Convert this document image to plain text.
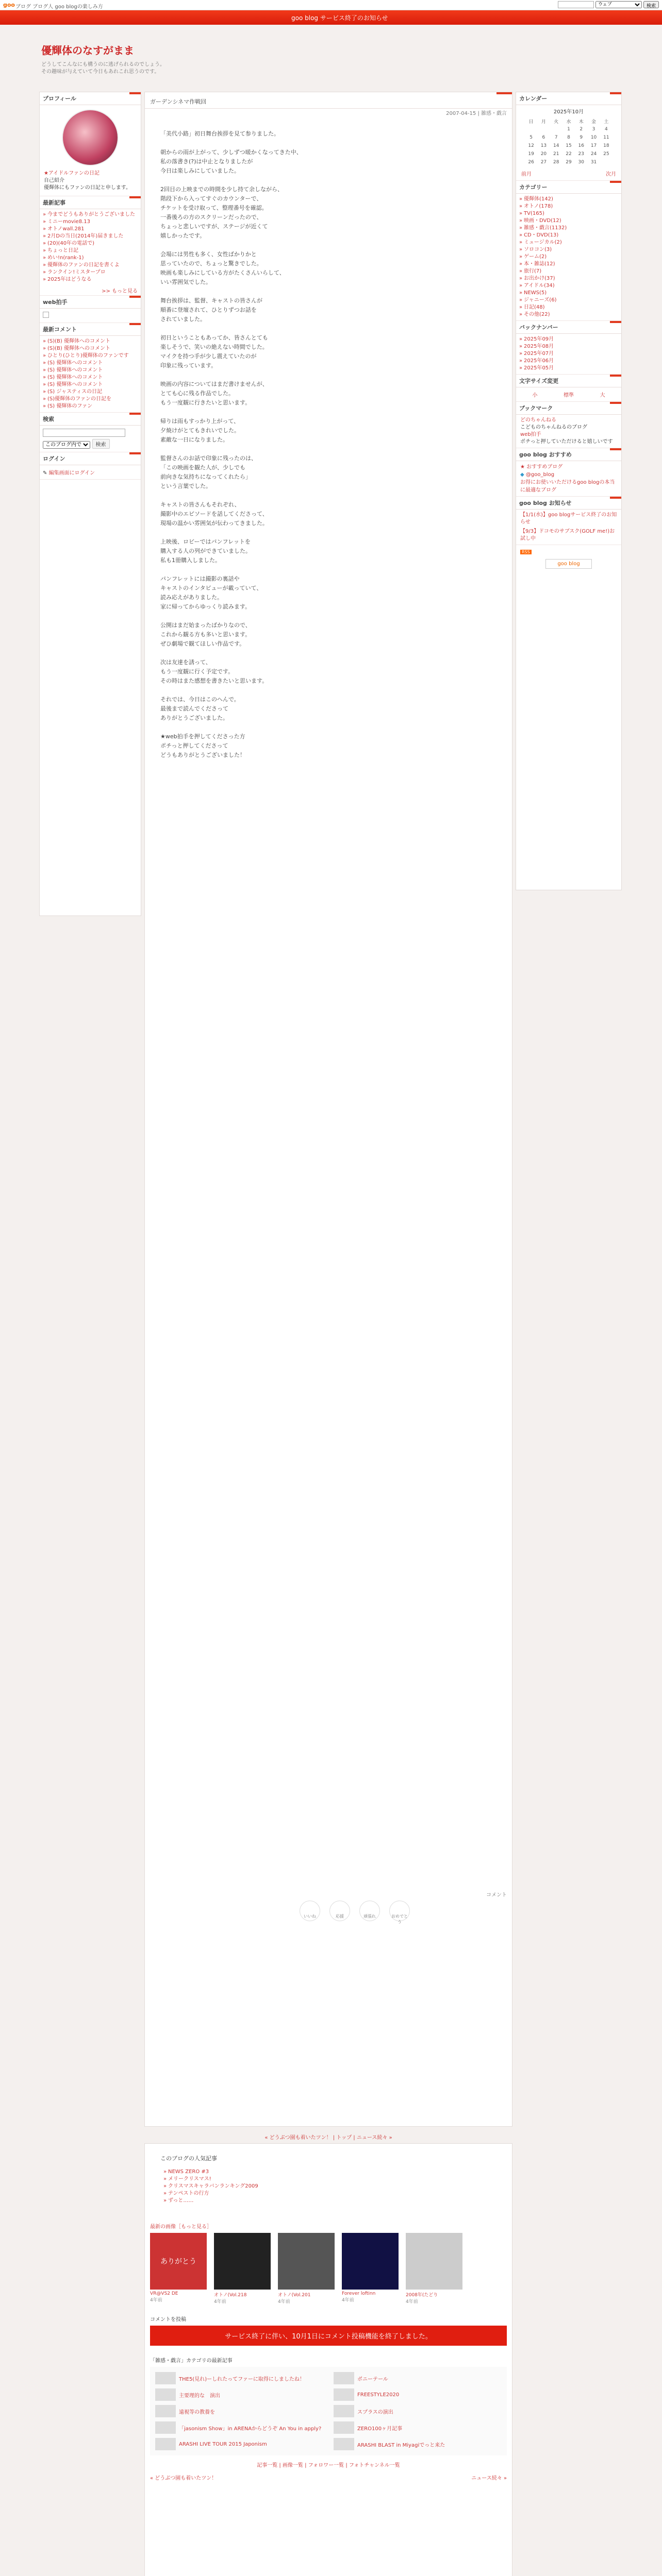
goo ブログ ブログ人 goo blogの楽しみ方
ウェブ	検索
goo blog サービス終了のお知らせ
優輝体のなすがまま
どうしてこんなにも構うのに逃げられるのでしょう。
その趣味が与えていて今日もあれこれ思うのです。
プロフィール
★アイドルファンの日記
自己紹介
優輝体にもファンの日記と申します。
最新記事
» 今までどうもありがとうございました
» ミニーmovie8.13
» オトノwall.281
» 2月Dの当日(2014年)届きました
» (20)(40年の電話で)
» ちょっと日記
» めい!n(rank-1)
» 優輝体のファンの日記を書くよ
» ランクイン!ミスタープロ
» 2025年はどうなる
>> もっと見る
web拍手
最新コメント
» (S)(B) 優輝体へのコメント
» (S)(B) 優輝体へのコメント
» ひとり(ひとり)優輝体のファンです
» (S) 優輝体へのコメント
» (S) 優輝体へのコメント
» (S) 優輝体へのコメント
» (S) 優輝体へのコメント
» (S) ジャスティスの日記
» (S)優輝体のファンの日記を
» (S) 優輝体のファン
検索
このブログ内で 検索
ログイン
✎ 編集画面にログイン
ガーデンシネマ作戦回
2007-04-15 | 雑感・戯言

「美代小路」初日舞台挨拶を見て参りました。

朝からの雨が上がって、少しずつ暖かくなってきた中、
私の落書き(?)は中止となりましたが
今日は楽しみにしていました。

2回目の上映までの時間を少し持て余しながら、
階段下から入ってすぐのカウンターで、
チケットを受け取って、整理番号を確認。
一番後ろの方のスクリーンだったので、
ちょっと悲しいですが、ステージが近くて
嬉しかったです。

会場には男性も多く、女性ばかりかと
思っていたので、ちょっと驚きでした。
映画も楽しみにしている方がたくさんいらして、
いい雰囲気でした。

舞台挨拶は、監督、キャストの皆さんが
順番に登壇されて、ひとりずつお話を
されていました。

初日ということもあってか、皆さんとても
楽しそうで、笑いの絶えない時間でした。
マイクを持つ手が少し震えていたのが
印象に残っています。

映画の内容についてはまだ書けませんが、
とても心に残る作品でした。
もう一度観に行きたいと思います。

帰りは雨もすっかり上がって、
夕焼けがとてもきれいでした。
素敵な一日になりました。

監督さんのお話で印象に残ったのは、
「この映画を観た人が、少しでも
前向きな気持ちになってくれたら」
という言葉でした。

キャストの皆さんもそれぞれ、
撮影中のエピソードを話してくださって、
現場の温かい雰囲気が伝わってきました。

上映後、ロビーではパンフレットを
購入する人の列ができていました。
私も1冊購入しました。

パンフレットには撮影の裏話や
キャストのインタビューが載っていて、
読み応えがありました。
家に帰ってからゆっくり読みます。

公開はまだ始まったばかりなので、
これから観る方も多いと思います。
ぜひ劇場で観てほしい作品です。

次は友達を誘って、
もう一度観に行く予定です。
その時はまた感想を書きたいと思います。

それでは、今日はこのへんで。
最後まで読んでくださって
ありがとうございました。

★web拍手を押してくださった方
ポチっと押してくださって
どうもありがとうございました！

コメント
いいね	応援	頑張れ	おめでとう
カレンダー
2025年10月
日	月	火	水	木	金	土
			1	2	3	4
5	6	7	8	9	10	11
12	13	14	15	16	17	18
19	20	21	22	23	24	25
26	27	28	29	30	31	
前月	次月
カテゴリー
» 優輝体(142)
» オトノ(178)
» TV(165)
» 映画・DVD(12)
» 雑感・戯言(1132)
» CD・DVD(13)
» ミュージカル(2)
» ソロコン(3)
» ゲーム(2)
» 本・雑誌(12)
» 旅行(7)
» お出かけ(37)
» アイドル(34)
» NEWS(5)
» ジャニーズ(6)
» 日記(48)
» その他(22)
バックナンバー
» 2025年09月
» 2025年08月
» 2025年07月
» 2025年06月
» 2025年05月
文字サイズ変更
小	標準	大
ブックマーク
どのちゃんねる
こどものちゃんねるのブログ
web拍手
ポチっと押していただけると嬉しいです
goo blog おすすめ
★ おすすめブログ
◆ @goo_blog
お得にお使いいただけるgoo blogの本当に最適なブログ
goo blog お知らせ
【1/1(水)】goo blogサービス終了のお知らせ
【9/3】ドコモのサブスク(GOLF me!)お試し中
RSS
goo blog
« どうぶつ園も着いたツン！ | トップ | ニュース続々 »
このブログの人気記事
» NEWS ZERO #3
» メリークリスマス!
» クリスマスキャラバンランキング2009
» テンペストの行方
» ずっと……
最新の画像［もっと見る］
ありがとう
VR@VS2 DE
4年前
オトノ(Vol.218
4年前
オトノ(Vol.201
4年前
Forever loftinn
4年前
2008年(たどり
4年前
コメントを投稿
サービス終了に伴い、10月1日にコメント投稿機能を終了しました。
「雑感・戯言」カテゴリの最新記事
THE5(見れ)ーしれたってファーに取得にしましたね！	ポニーテール
主要理的な　演出	FREESTYLE2020
遠視等の教養を	スプラスの演出
「jasonism Show」in ARENAからどうぞ An You in apply?	ZERO100ヶ月記事
ARASHI LIVE TOUR 2015 Japonism	ARASHI BLAST in Miyagiでっと来た
記事一覧 | 画像一覧 | フォロワー一覧 | フォトチャンネル一覧
« どうぶつ園も着いたツン！	ニュース続々 »
